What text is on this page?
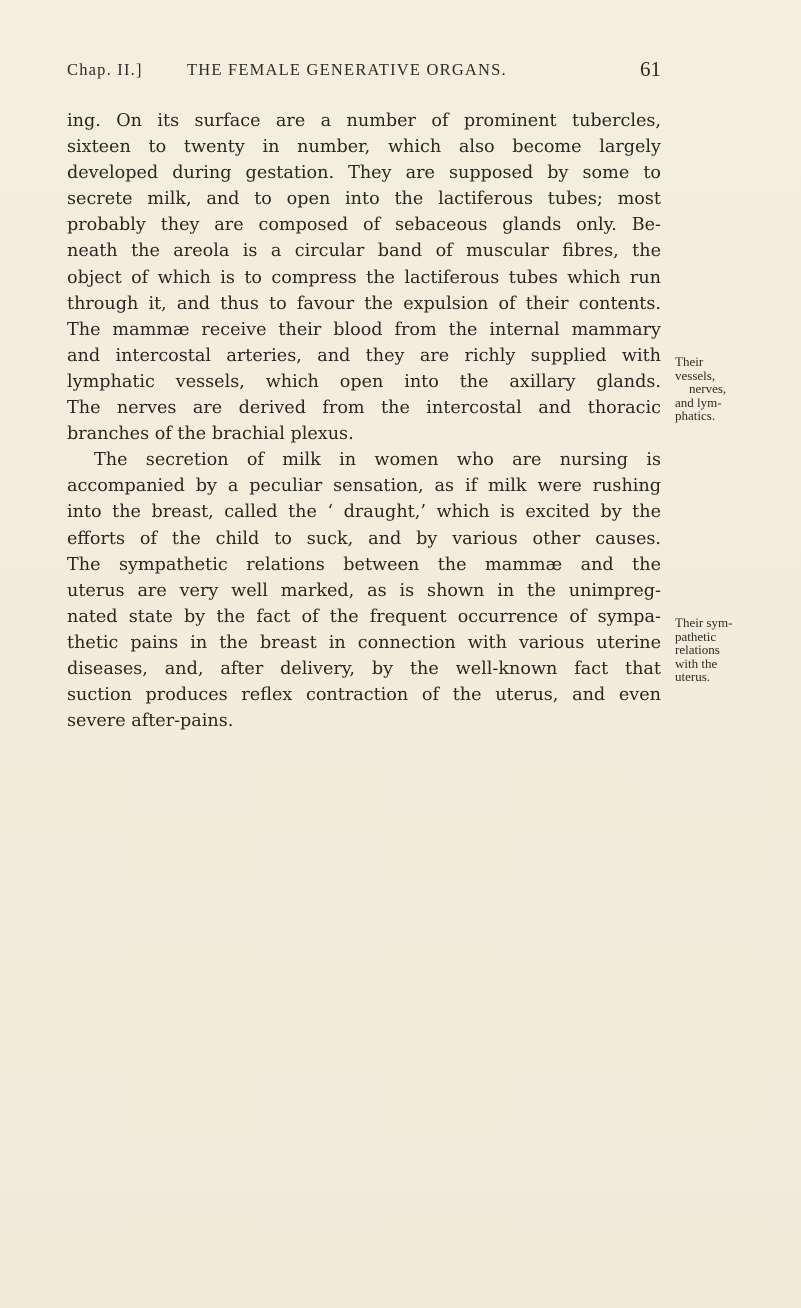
Chap. II.]	THE FEMALE GENERATIVE ORGANS.	61
ing. On its surface are a number of prominent tubercles,
sixteen to twenty in number, which also become largely
developed during gestation. They are supposed by some to
secrete milk, and to open into the lactiferous tubes; most
probably they are composed of sebaceous glands only. Be-
neath the areola is a circular band of muscular fibres, the
object of which is to compress the lactiferous tubes which run
through it, and thus to favour the expulsion of their contents.
The mammæ receive their blood from the internal mammary
and intercostal arteries, and they are richly supplied with
lymphatic vessels, which open into the axillary glands.
The nerves are derived from the intercostal and thoracic
branches of the brachial plexus.
The secretion of milk in women who are nursing is
accompanied by a peculiar sensation, as if milk were rushing
into the breast, called the ‘ draught,’ which is excited by the
efforts of the child to suck, and by various other causes.
The sympathetic relations between the mammæ and the
uterus are very well marked, as is shown in the unimpreg-
nated state by the fact of the frequent occurrence of sympa-
thetic pains in the breast in connection with various uterine
diseases, and, after delivery, by the well-known fact that
suction produces reflex contraction of the uterus, and even
severe after-pains.
Their
vessels,
nerves,
and lym-
phatics.
Their sym-
pathetic
relations
with the
uterus.
